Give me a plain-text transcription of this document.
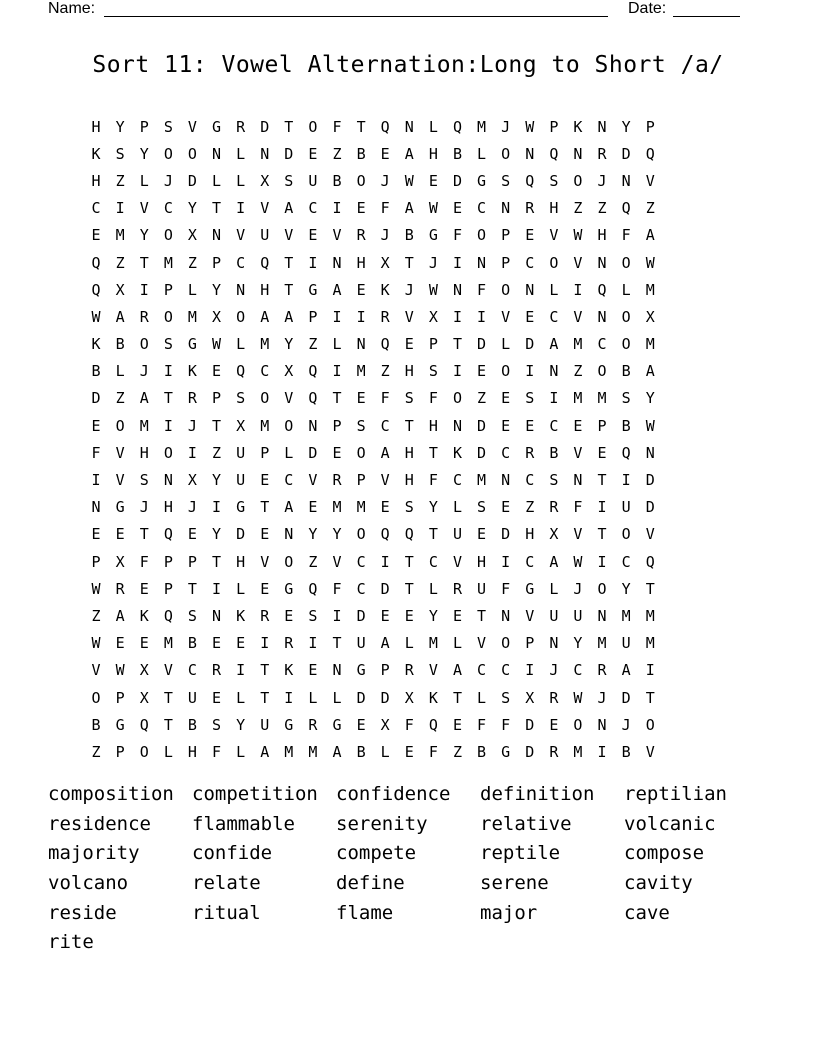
Name:	Date:
Sort 11: Vowel Alternation:Long to Short /a/
H	Y	P	S	V	G	R	D	T	O	F	T	Q	N	L	Q	M	J	W	P	K	N	Y	P
K	S	Y	O	O	N	L	N	D	E	Z	B	E	A	H	B	L	O	N	Q	N	R	D	Q
H	Z	L	J	D	L	L	X	S	U	B	O	J	W	E	D	G	S	Q	S	O	J	N	V
C	I	V	C	Y	T	I	V	A	C	I	E	F	A	W	E	C	N	R	H	Z	Z	Q	Z
E	M	Y	O	X	N	V	U	V	E	V	R	J	B	G	F	O	P	E	V	W	H	F	A
Q	Z	T	M	Z	P	C	Q	T	I	N	H	X	T	J	I	N	P	C	O	V	N	O	W
Q	X	I	P	L	Y	N	H	T	G	A	E	K	J	W	N	F	O	N	L	I	Q	L	M
W	A	R	O	M	X	O	A	A	P	I	I	R	V	X	I	I	V	E	C	V	N	O	X
K	B	O	S	G	W	L	M	Y	Z	L	N	Q	E	P	T	D	L	D	A	M	C	O	M
B	L	J	I	K	E	Q	C	X	Q	I	M	Z	H	S	I	E	O	I	N	Z	O	B	A
D	Z	A	T	R	P	S	O	V	Q	T	E	F	S	F	O	Z	E	S	I	M	M	S	Y
E	O	M	I	J	T	X	M	O	N	P	S	C	T	H	N	D	E	E	C	E	P	B	W
F	V	H	O	I	Z	U	P	L	D	E	O	A	H	T	K	D	C	R	B	V	E	Q	N
I	V	S	N	X	Y	U	E	C	V	R	P	V	H	F	C	M	N	C	S	N	T	I	D
N	G	J	H	J	I	G	T	A	E	M	M	E	S	Y	L	S	E	Z	R	F	I	U	D
E	E	T	Q	E	Y	D	E	N	Y	Y	O	Q	Q	T	U	E	D	H	X	V	T	O	V
P	X	F	P	P	T	H	V	O	Z	V	C	I	T	C	V	H	I	C	A	W	I	C	Q
W	R	E	P	T	I	L	E	G	Q	F	C	D	T	L	R	U	F	G	L	J	O	Y	T
Z	A	K	Q	S	N	K	R	E	S	I	D	E	E	Y	E	T	N	V	U	U	N	M	M
W	E	E	M	B	E	E	I	R	I	T	U	A	L	M	L	V	O	P	N	Y	M	U	M
V	W	X	V	C	R	I	T	K	E	N	G	P	R	V	A	C	C	I	J	C	R	A	I
O	P	X	T	U	E	L	T	I	L	L	D	D	X	K	T	L	S	X	R	W	J	D	T
B	G	Q	T	B	S	Y	U	G	R	G	E	X	F	Q	E	F	F	D	E	O	N	J	O
Z	P	O	L	H	F	L	A	M	M	A	B	L	E	F	Z	B	G	D	R	M	I	B	V
composition competition confidence	definition	reptilian
residence	flammable	serenity	relative	volcanic
majority	confide	compete	reptile	compose
volcano	relate	define	serene	cavity
reside	ritual	flame	major	cave
rite
